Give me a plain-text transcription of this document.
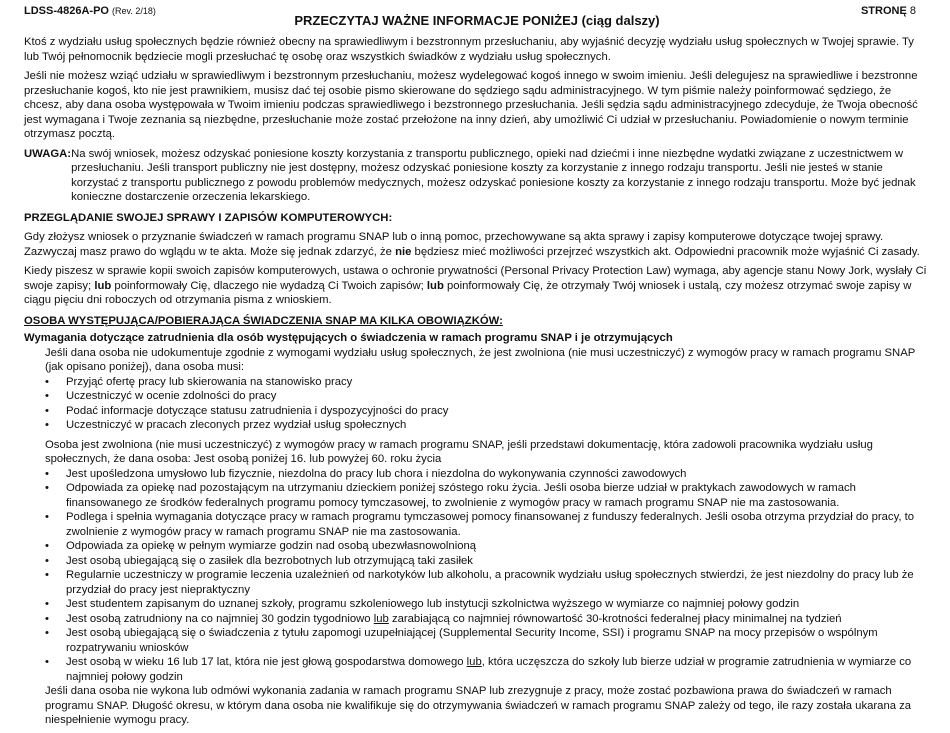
LDSS-4826A-PO (Rev. 2/18)	STRONĘ 8
PRZECZYTAJ WAŻNE INFORMACJE PONIŻEJ (ciąg dalszy)

Ktoś z wydziału usług społecznych będzie również obecny na sprawiedliwym i bezstronnym przesłuchaniu, aby wyjaśnić decyzję wydziału usług społecznych w Twojej sprawie. Ty lub Twój pełnomocnik będziecie mogli przesłuchać tę osobę oraz wszystkich świadków z wydziału usług społecznych.

Jeśli nie możesz wziąć udziału w sprawiedliwym i bezstronnym przesłuchaniu, możesz wydelegować kogoś innego w swoim imieniu. Jeśli delegujesz na sprawiedliwe i bezstronne przesłuchanie kogoś, kto nie jest prawnikiem, musisz dać tej osobie pismo skierowane do sędziego sądu administracyjnego. W tym piśmie należy poinformować sędziego, że chcesz, aby dana osoba występowała w Twoim imieniu podczas sprawiedliwego i bezstronnego przesłuchania. Jeśli sędzia sądu administracyjnego zdecyduje, że Twoja obecność jest wymagana i Twoje zeznania są niezbędne, przesłuchanie może zostać przełożone na inny dzień, aby umożliwić Ci udział w przesłuchaniu. Powiadomienie o nowym terminie otrzymasz pocztą.

UWAGA: Na swój wniosek, możesz odzyskać poniesione koszty korzystania z transportu publicznego, opieki nad dziećmi i inne niezbędne wydatki związane z uczestnictwem w przesłuchaniu. Jeśli transport publiczny nie jest dostępny, możesz odzyskać poniesione koszty za korzystanie z innego rodzaju transportu. Jeśli nie jesteś w stanie korzystać z transportu publicznego z powodu problemów medycznych, możesz odzyskać poniesione koszty za korzystanie z innego rodzaju transportu. Może być jednak konieczne dostarczenie orzeczenia lekarskiego.
PRZEGLĄDANIE SWOJEJ SPRAWY I ZAPISÓW KOMPUTEROWYCH:

Gdy złożysz wniosek o przyznanie świadczeń w ramach programu SNAP lub o inną pomoc, przechowywane są akta sprawy i zapisy komputerowe dotyczące twojej sprawy. Zazwyczaj masz prawo do wglądu w te akta. Może się jednak zdarzyć, że nie będziesz mieć możliwości przejrzeć wszystkich akt. Odpowiedni pracownik może wyjaśnić Ci zasady.

Kiedy piszesz w sprawie kopii swoich zapisów komputerowych, ustawa o ochronie prywatności (Personal Privacy Protection Law) wymaga, aby agencje stanu Nowy Jork, wysłały Ci swoje zapisy; lub poinformowały Cię, dlaczego nie wydadzą Ci Twoich zapisów; lub poinformowały Cię, że otrzymały Twój wniosek i ustalą, czy możesz otrzymać swoje zapisy w ciągu pięciu dni roboczych od otrzymania pisma z wnioskiem.

OSOBA WYSTĘPUJĄCA/POBIERAJĄCA ŚWIADCZENIA SNAP MA KILKA OBOWIĄZKÓW:
Wymagania dotyczące zatrudnienia dla osób występujących o świadczenia w ramach programu SNAP i je otrzymujących

Jeśli dana osoba nie udokumentuje zgodnie z wymogami wydziału usług społecznych, że jest zwolniona (nie musi uczestniczyć) z wymogów pracy w ramach programu SNAP (jak opisano poniżej), dana osoba musi:

• Przyjąć ofertę pracy lub skierowania na stanowisko pracy
• Uczestniczyć w ocenie zdolności do pracy
• Podać informacje dotyczące statusu zatrudnienia i dyspozycyjności do pracy
• Uczestniczyć w pracach zleconych przez wydział usług społecznych

Osoba jest zwolniona (nie musi uczestniczyć) z wymogów pracy w ramach programu SNAP, jeśli przedstawi dokumentację, która zadowoli pracownika wydziału usług społecznych, że dana osoba: Jest osobą poniżej 16. lub powyżej 60. roku życia

• Jest upośledzona umysłowo lub fizycznie, niezdolna do pracy lub chora i niezdolna do wykonywania czynności zawodowych
• Odpowiada za opiekę nad pozostającym na utrzymaniu dzieckiem poniżej szóstego roku życia. Jeśli osoba bierze udział w praktykach zawodowych w ramach finansowanego ze środków federalnych programu pomocy tymczasowej, to zwolnienie z wymogów pracy w ramach programu SNAP nie ma zastosowania.
• Podlega i spełnia wymagania dotyczące pracy w ramach programu tymczasowej pomocy finansowanej z funduszy federalnych. Jeśli osoba otrzyma przydział do pracy, to zwolnienie z wymogów pracy w ramach programu SNAP nie ma zastosowania.
• Odpowiada za opiekę w pełnym wymiarze godzin nad osobą ubezwłasnowolnioną
• Jest osobą ubiegającą się o zasiłek dla bezrobotnych lub otrzymującą taki zasiłek
• Regularnie uczestniczy w programie leczenia uzależnień od narkotyków lub alkoholu, a pracownik wydziału usług społecznych stwierdzi, że jest niezdolny do pracy lub że przydział do pracy jest niepraktyczny
• Jest studentem zapisanym do uznanej szkoły, programu szkoleniowego lub instytucji szkolnictwa wyższego w wymiarze co najmniej połowy godzin
• Jest osobą zatrudniony na co najmniej 30 godzin tygodniowo lub zarabiającą co najmniej równowartość 30-krotności federalnej płacy minimalnej na tydzień
• Jest osobą ubiegającą się o świadczenia z tytułu zapomogi uzupełniającej (Supplemental Security Income, SSI) i programu SNAP na mocy przepisów o wspólnym rozpatrywaniu wniosków
• Jest osobą w wieku 16 lub 17 lat, która nie jest głową gospodarstwa domowego lub, która uczęszcza do szkoły lub bierze udział w programie zatrudnienia w wymiarze co najmniej połowy godzin

Jeśli dana osoba nie wykona lub odmówi wykonania zadania w ramach programu SNAP lub zrezygnuje z pracy, może zostać pozbawiona prawa do świadczeń w ramach programu SNAP. Długość okresu, w którym dana osoba nie kwalifikuje się do otrzymywania świadczeń w ramach programu SNAP zależy od tego, ile razy została ukarana za niespełnienie wymogu pracy.
